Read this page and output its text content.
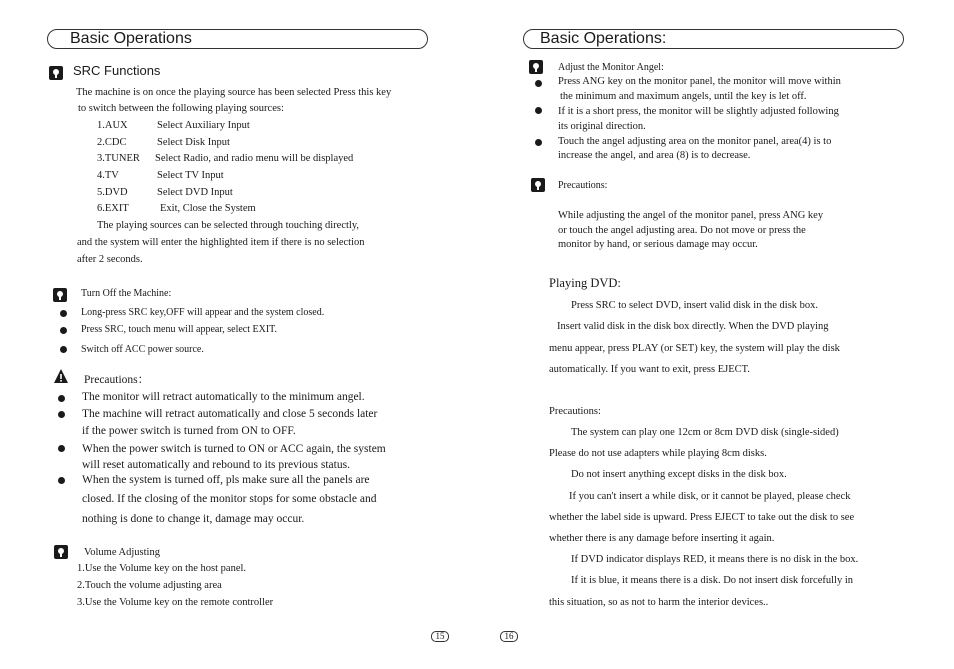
Basic Operations
SRC Functions
The machine is on once the playing source has been selected Press this key
to switch between the following playing sources:
1.AUX	Select Auxiliary Input
2.CDC	Select Disk Input
3.TUNER Select Radio, and radio menu will be displayed
4.TV	Select TV Input
5.DVD	Select DVD Input
6.EXIT	Exit, Close the System
The playing sources can be selected through touching directly,
and the system will enter the highlighted item if there is no selection
after 2 seconds.
Turn Off the Machine:
Long-press SRC key,OFF will appear and the system closed.
Press SRC, touch menu will appear, select EXIT.
Switch off ACC power source.
Precautions：
The monitor will retract automatically to the minimum angel.
The machine will retract automatically and close 5 seconds later
if the power switch is turned from ON to OFF.
When the power switch is turned to ON or ACC again, the system
will reset automatically and rebound to its previous status.
When the system is turned off, pls make sure all the panels are
closed. If the closing of the monitor stops for some obstacle and
nothing is done to change it, damage may occur.
Volume Adjusting
1.Use the Volume key on the host panel.
2.Touch the volume adjusting area
3.Use the Volume key on the remote controller
15
Basic Operations:
Adjust the Monitor Angel:
Press ANG key on the monitor panel, the monitor will move within
the minimum and maximum angels, until the key is let off.
If it is a short press, the monitor will be slightly adjusted following
its original direction.
Touch the angel adjusting area on the monitor panel, area(4) is to
increase the angel, and area (8) is to decrease.
Precautions:
While adjusting the angel of the monitor panel, press ANG key
or touch the angel adjusting area. Do not move or press the
monitor by hand, or serious damage may occur.
Playing DVD:
Press SRC to select DVD, insert valid disk in the disk box.
Insert valid disk in the disk box directly. When the DVD playing
menu appear, press PLAY (or SET) key, the system will play the disk
automatically. If you want to exit, press EJECT.
Precautions:
The system can play one 12cm or 8cm DVD disk (single-sided)
Please do not use adapters while playing 8cm disks.
Do not insert anything except disks in the disk box.
If you can't insert a while disk, or it cannot be played, please check
whether the label side is upward. Press EJECT to take out the disk to see
whether there is any damage before inserting it again.
If DVD indicator displays RED, it means there is no disk in the box.
If it is blue, it means there is a disk. Do not insert disk forcefully in
this situation, so as not to harm the interior devices..
16
